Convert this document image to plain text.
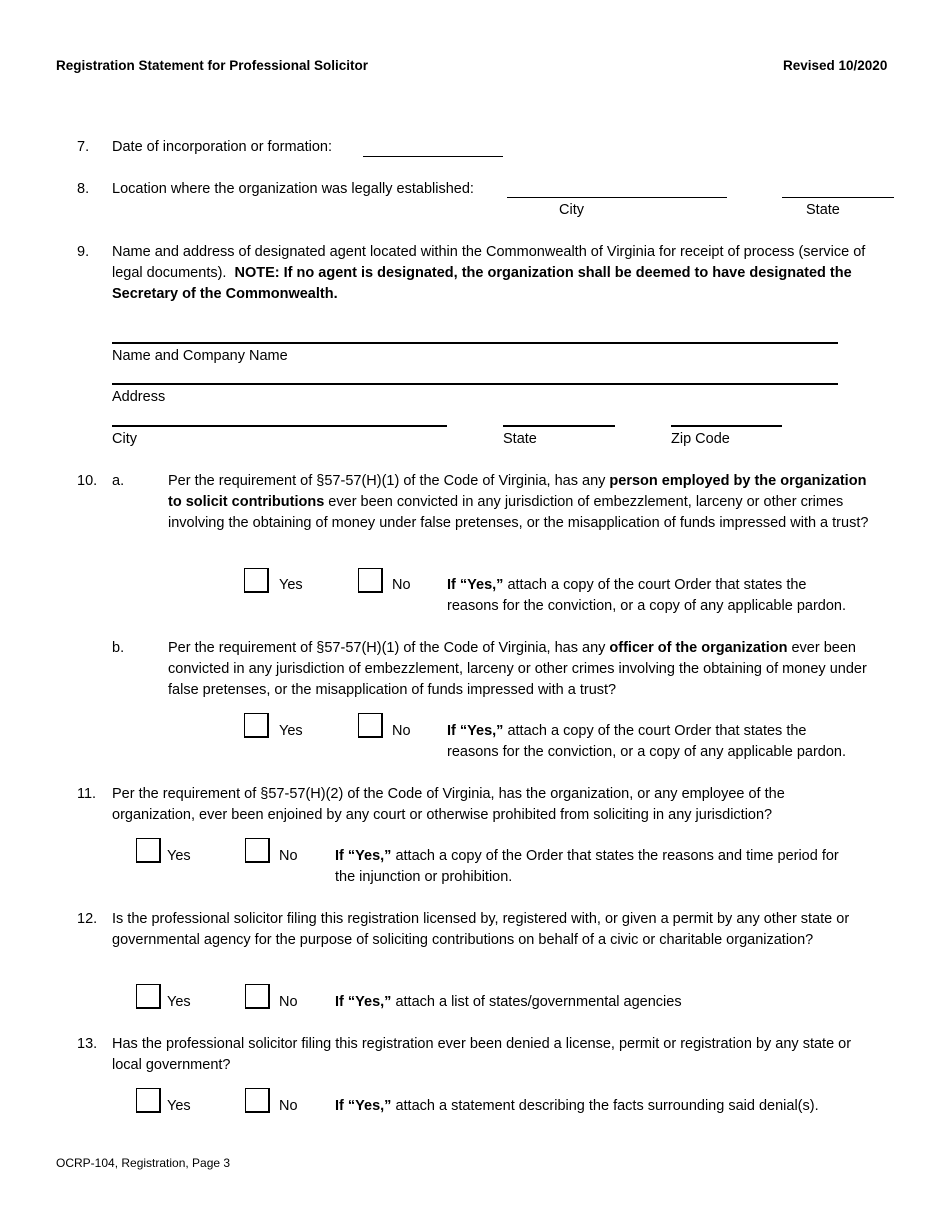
Registration Statement for Professional Solicitor	Revised 10/2020
7. Date of incorporation or formation:
8. Location where the organization was legally established:
City	State
9. Name and address of designated agent located within the Commonwealth of Virginia for receipt of process (service of legal documents). NOTE: If no agent is designated, the organization shall be deemed to have designated the Secretary of the Commonwealth.
Name and Company Name
Address
City	State	Zip Code
10. a.	Per the requirement of §57-57(H)(1) of the Code of Virginia, has any person employed by the organization to solicit contributions ever been convicted in any jurisdiction of embezzlement, larceny or other crimes involving the obtaining of money under false pretenses, or the misapplication of funds impressed with a trust?
Yes	No	If “Yes,” attach a copy of the court Order that states the
reasons for the conviction, or a copy of any applicable pardon.
b.	Per the requirement of §57-57(H)(1) of the Code of Virginia, has any officer of the organization ever been convicted in any jurisdiction of embezzlement, larceny or other crimes involving the obtaining of money under false pretenses, or the misapplication of funds impressed with a trust?
Yes	No	If “Yes,” attach a copy of the court Order that states the
reasons for the conviction, or a copy of any applicable pardon.
11. Per the requirement of §57-57(H)(2) of the Code of Virginia, has the organization, or any employee of the organization, ever been enjoined by any court or otherwise prohibited from soliciting in any jurisdiction?
Yes	No	If “Yes,” attach a copy of the Order that states the reasons and time period for
the injunction or prohibition.
12. Is the professional solicitor filing this registration licensed by, registered with, or given a permit by any other state or governmental agency for the purpose of soliciting contributions on behalf of a civic or charitable organization?
Yes	No	If “Yes,” attach a list of states/governmental agencies
13. Has the professional solicitor filing this registration ever been denied a license, permit or registration by any state or local government?
Yes	No	If “Yes,” attach a statement describing the facts surrounding said denial(s).
OCRP-104, Registration, Page 3
